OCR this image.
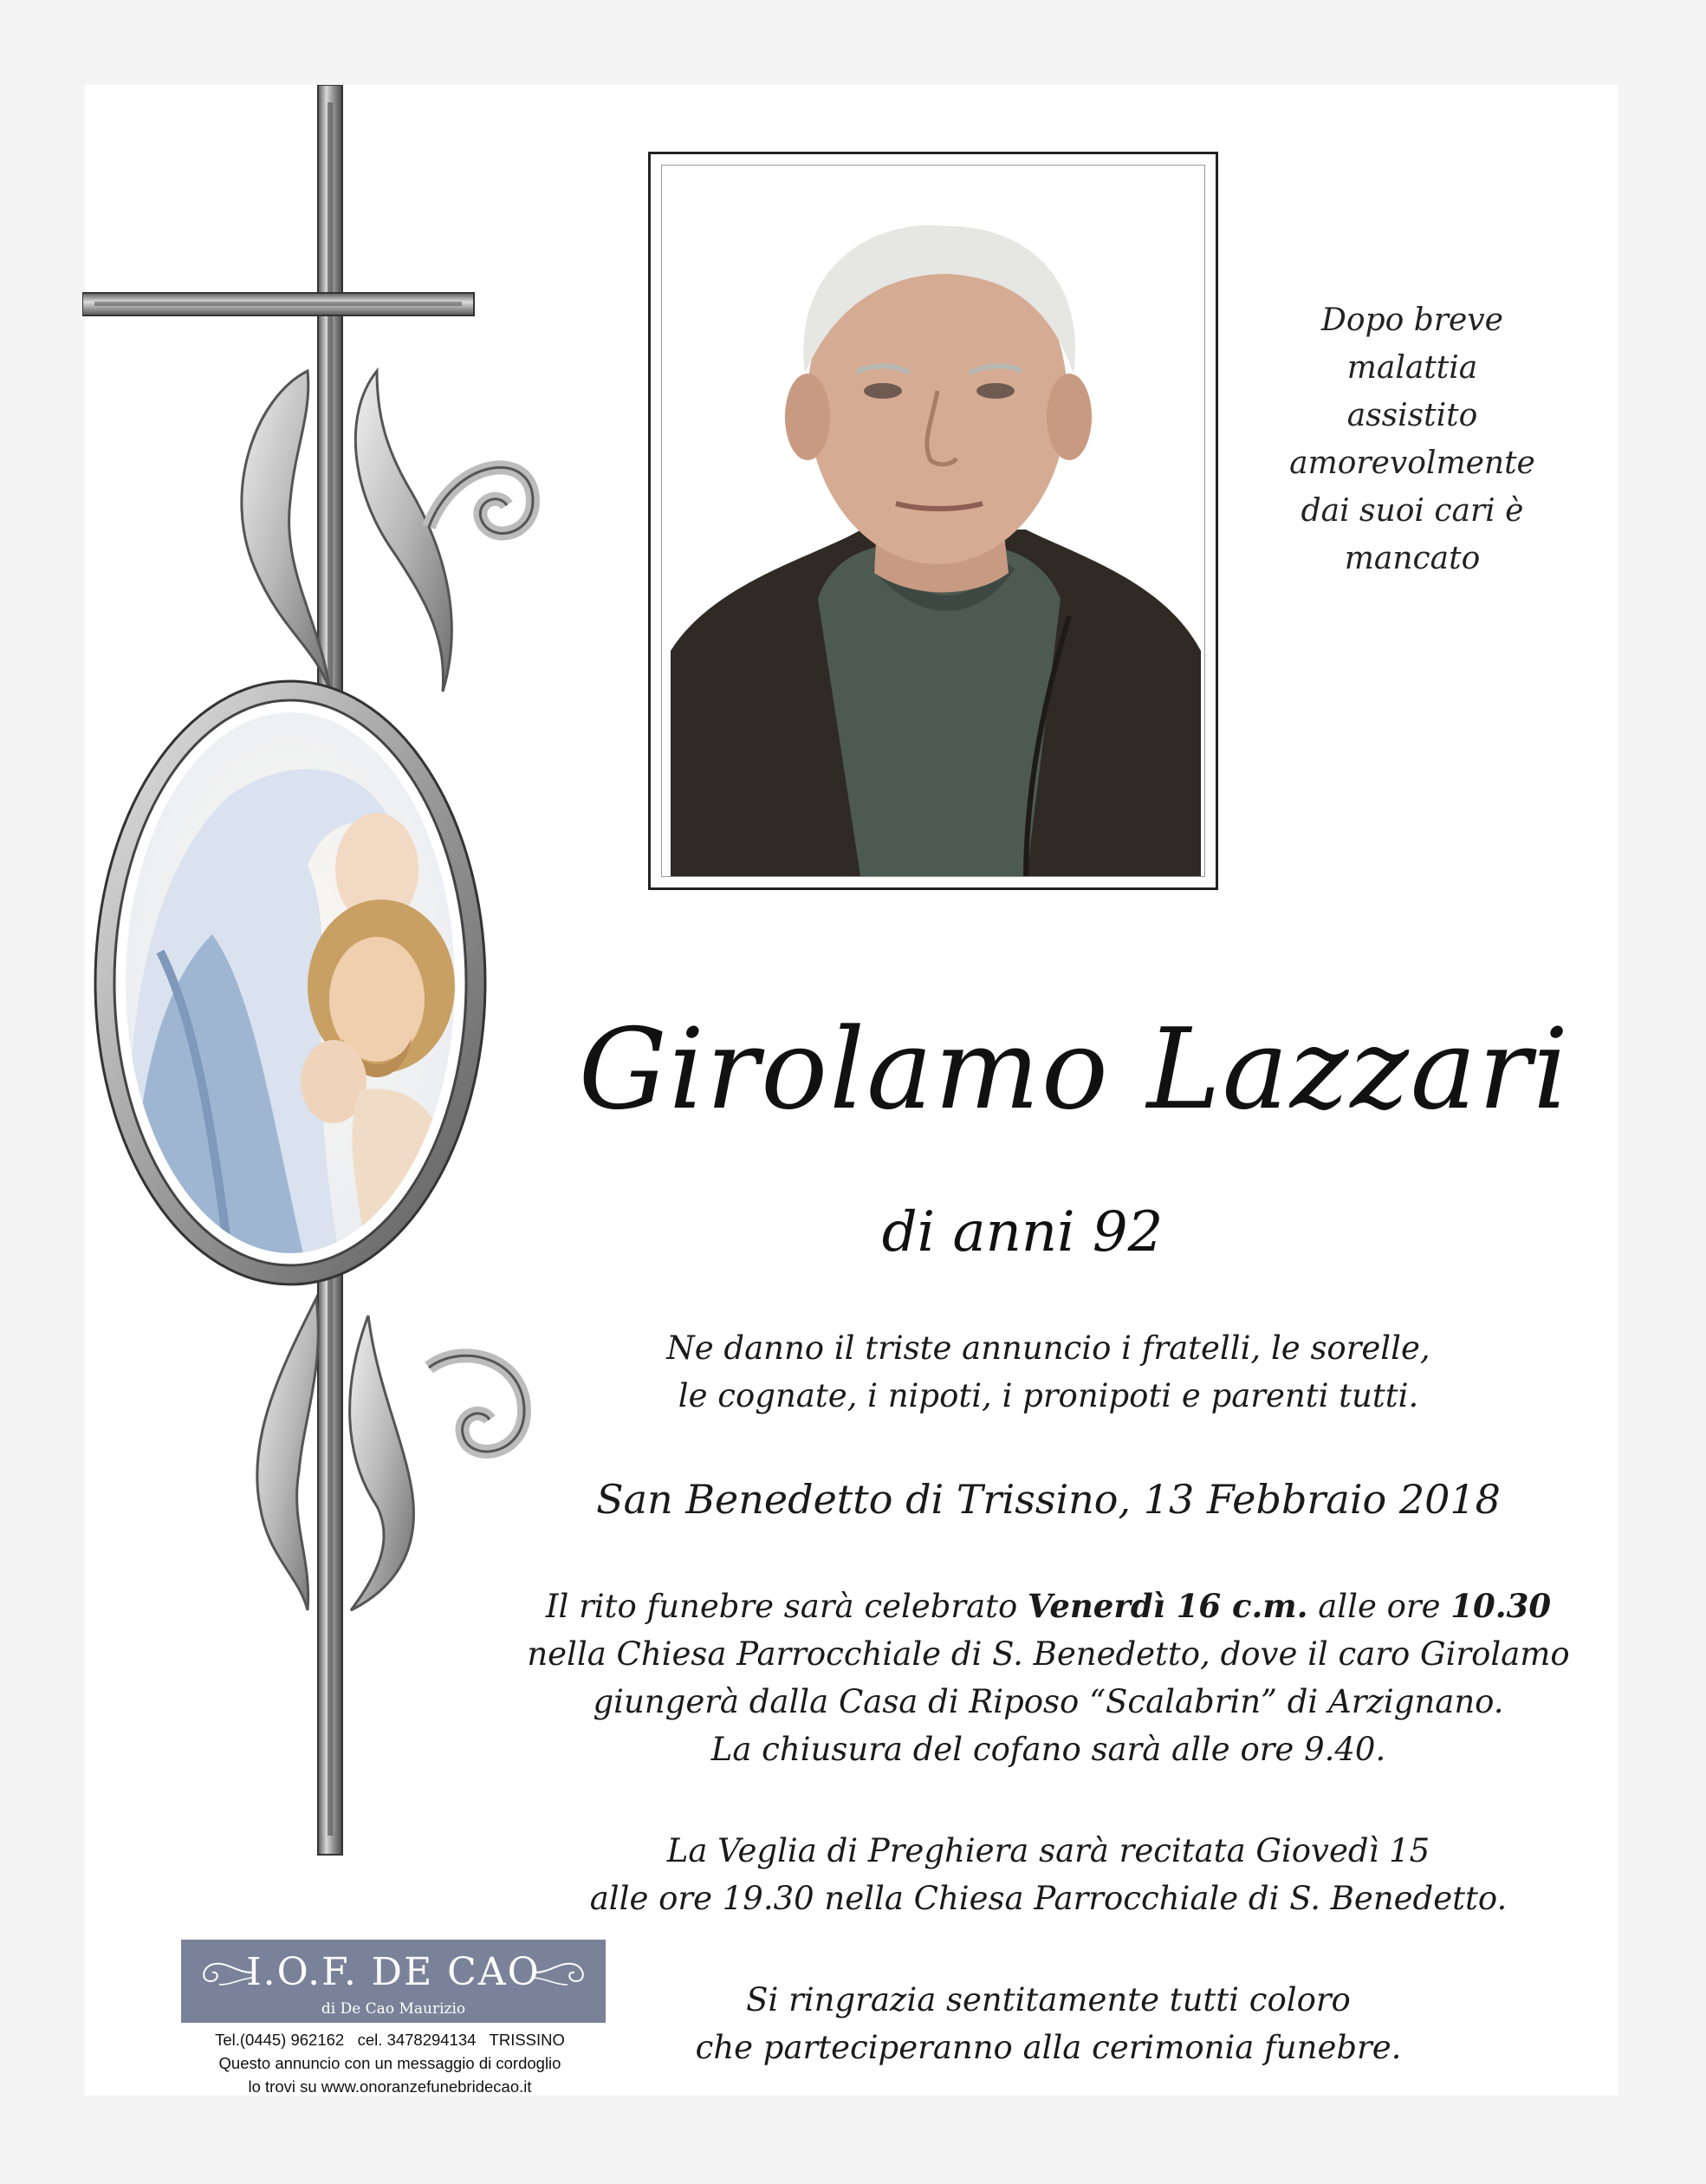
Dopo breve
malattia assistito
amorevolmente
dai suoi cari è
mancato
Girolamo Lazzari
di anni 92
Ne danno il triste annuncio i fratelli, le sorelle,
le cognate, i nipoti, i pronipoti e parenti tutti.
San Benedetto di Trissino, 13 Febbraio 2018
Il rito funebre sarà celebrato Venerdì 16 c.m. alle ore 10.30
nella Chiesa Parrocchiale di S. Benedetto, dove il caro Girolamo
giungerà dalla Casa di Riposo “Scalabrin” di Arzignano.
La chiusura del cofano sarà alle ore 9.40.
La Veglia di Preghiera sarà recitata Giovedì 15
alle ore 19.30 nella Chiesa Parrocchiale di S. Benedetto.
Si ringrazia sentitamente tutti coloro
che parteciperanno alla cerimonia funebre.
I.O.F. DE CAO
di De Cao Maurizio
Tel.(0445) 962162   cel. 3478294134   TRISSINO
Questo annuncio con un messaggio di cordoglio
lo trovi su www.onoranzefunebridecao.it
